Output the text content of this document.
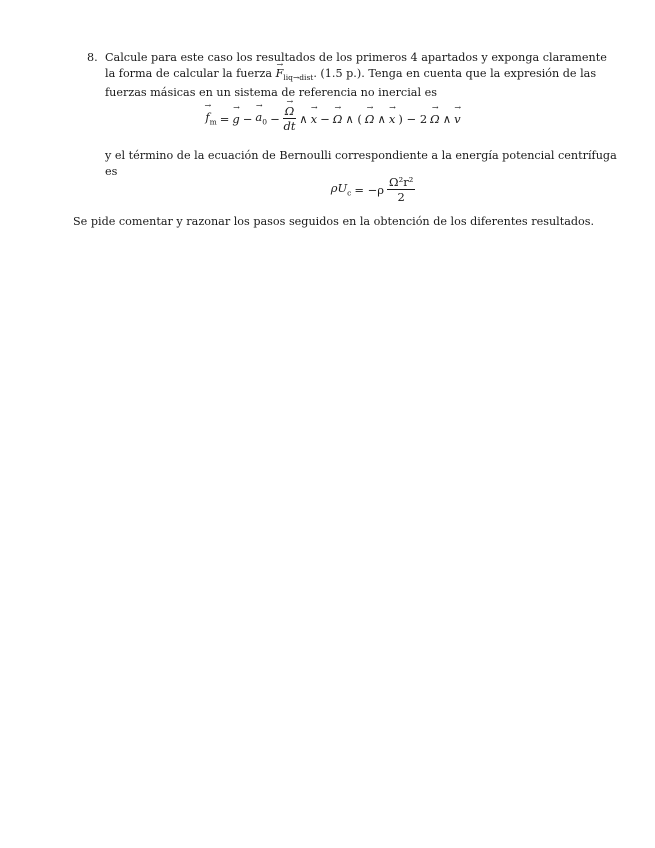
8. Calcule para este caso los resultados de los primeros 4 apartados y exponga claramente
la forma de calcular la fuerza $F \to_{liq\to dist}$. (1.5 p.). Tenga en cuenta que la expresión de las
fuerzas másicas en un sistema de referencia no inercial es
$f \to_m = g$ → − $a \to_0 - \frac{\Omega \to}{dt}$ ∧ x → − Ω → ∧ ( Ω → ∧ x → ) − 2 Ω → ∧ v →
y el término de la ecuación de Bernoulli correspondiente a la energía potencial centrífuga
es
$\rho U_c = -\rho \frac{\text{Ω²r²}}{2}$
Se pide comentar y razonar los pasos seguidos en la obtención de los diferentes resultados.
